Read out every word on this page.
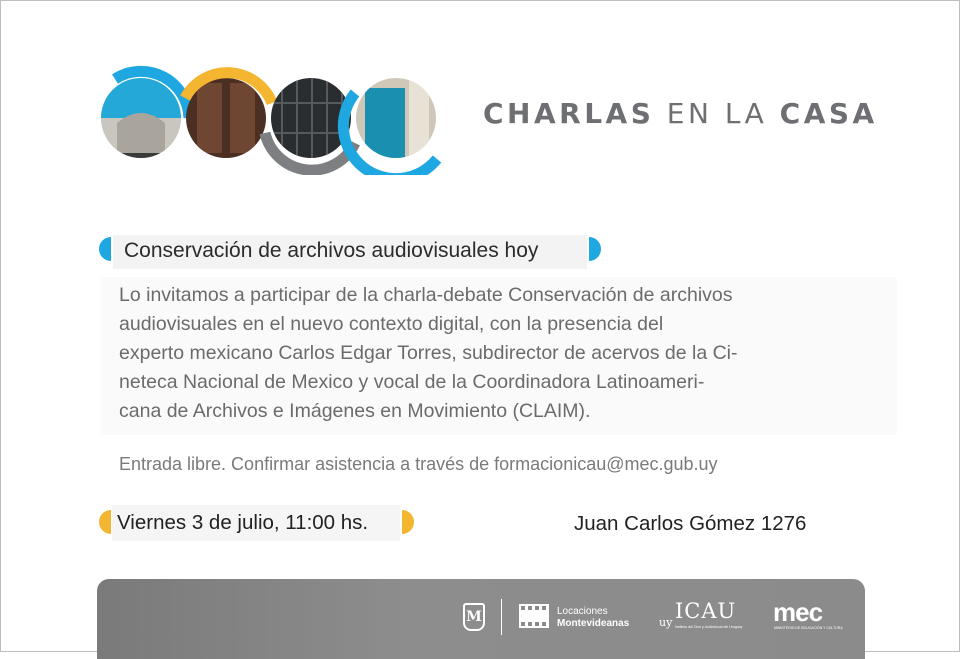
CHARLAS EN LA CASA
Conservación de archivos audiovisuales hoy
Lo invitamos a participar de la charla-debate Conservación de archivos
audiovisuales en el nuevo contexto digital, con la presencia del
experto mexicano Carlos Edgar Torres, subdirector de acervos de la Ci-
neteca Nacional de Mexico y vocal de la Coordinadora Latinoameri-
cana de Archivos e Imágenes en Movimiento (CLAIM).
Entrada libre. Confirmar asistencia a través de formacionicau@mec.gub.uy
Viernes 3 de julio, 11:00 hs.	Juan Carlos Gómez 1276
M	Locaciones
Montevideanas
ICAU
uy Instituto del Cine y Audiovisual del Uruguay mec
MINISTERIO DE EDUCACIÓN Y CULTURA
